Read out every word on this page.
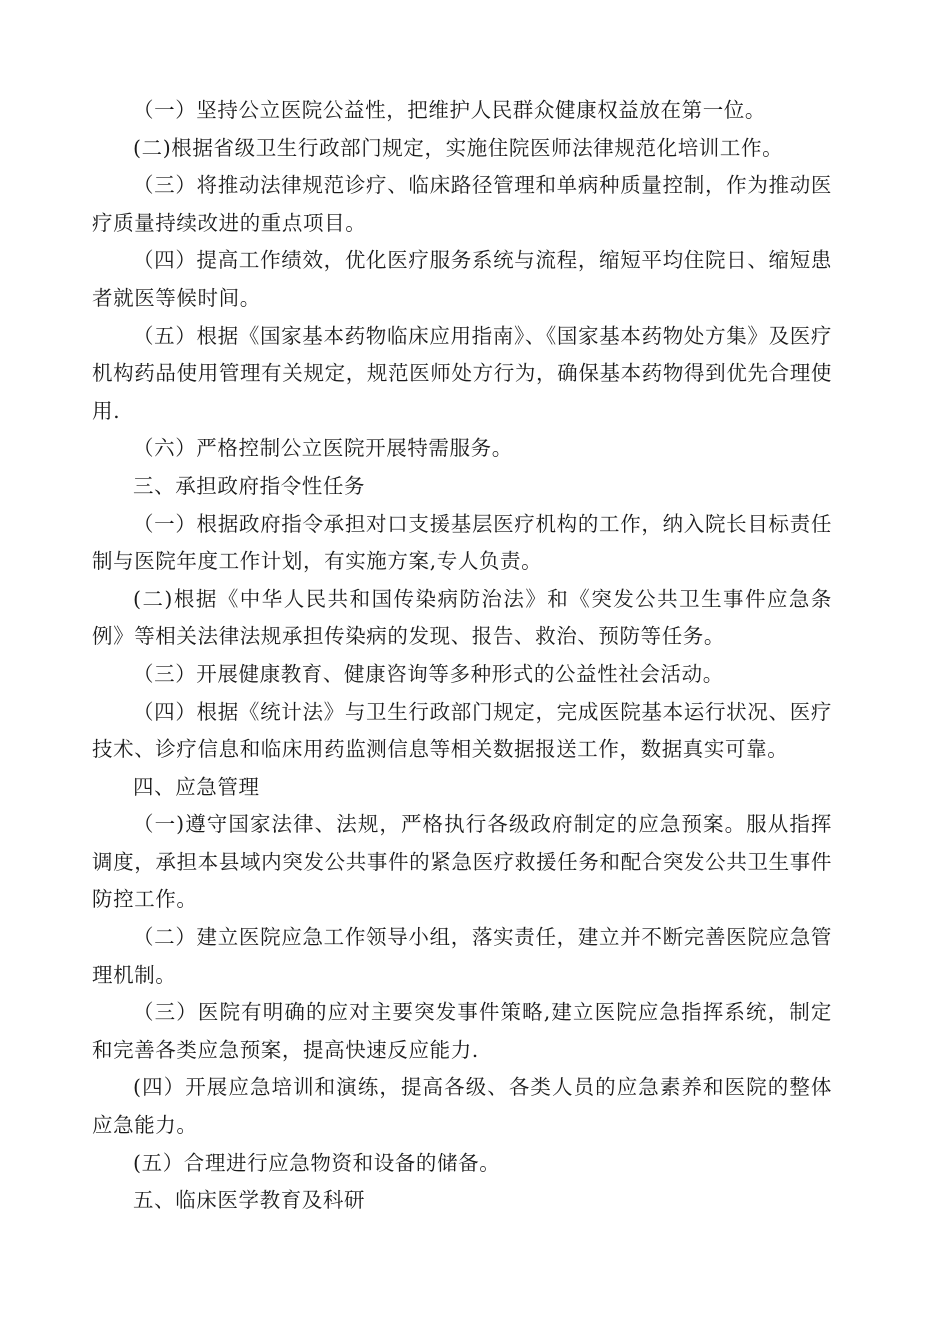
（一）坚持公立医院公益性，把维护人民群众健康权益放在第一位。

(二)根据省级卫生行政部门规定，实施住院医师法律规范化培训工作。

（三）将推动法律规范诊疗、临床路径管理和单病种质量控制，作为推动医疗质量持续改进的重点项目。

（四）提高工作绩效，优化医疗服务系统与流程，缩短平均住院日、缩短患者就医等候时间。

（五）根据《国家基本药物临床应用指南》、《国家基本药物处方集》及医疗机构药品使用管理有关规定，规范医师处方行为，确保基本药物得到优先合理使用.

（六）严格控制公立医院开展特需服务。

三、承担政府指令性任务

（一）根据政府指令承担对口支援基层医疗机构的工作，纳入院长目标责任制与医院年度工作计划，有实施方案,专人负责。

(二)根据《中华人民共和国传染病防治法》和《突发公共卫生事件应急条例》等相关法律法规承担传染病的发现、报告、救治、预防等任务。

（三）开展健康教育、健康咨询等多种形式的公益性社会活动。

（四）根据《统计法》与卫生行政部门规定，完成医院基本运行状况、医疗技术、诊疗信息和临床用药监测信息等相关数据报送工作，数据真实可靠。

四、应急管理

（一)遵守国家法律、法规，严格执行各级政府制定的应急预案。服从指挥调度，承担本县域内突发公共事件的紧急医疗救援任务和配合突发公共卫生事件防控工作。

（二）建立医院应急工作领导小组，落实责任，建立并不断完善医院应急管理机制。

（三）医院有明确的应对主要突发事件策略,建立医院应急指挥系统，制定和完善各类应急预案，提高快速反应能力.

(四）开展应急培训和演练，提高各级、各类人员的应急素养和医院的整体应急能力。

(五）合理进行应急物资和设备的储备。

五、临床医学教育及科研
